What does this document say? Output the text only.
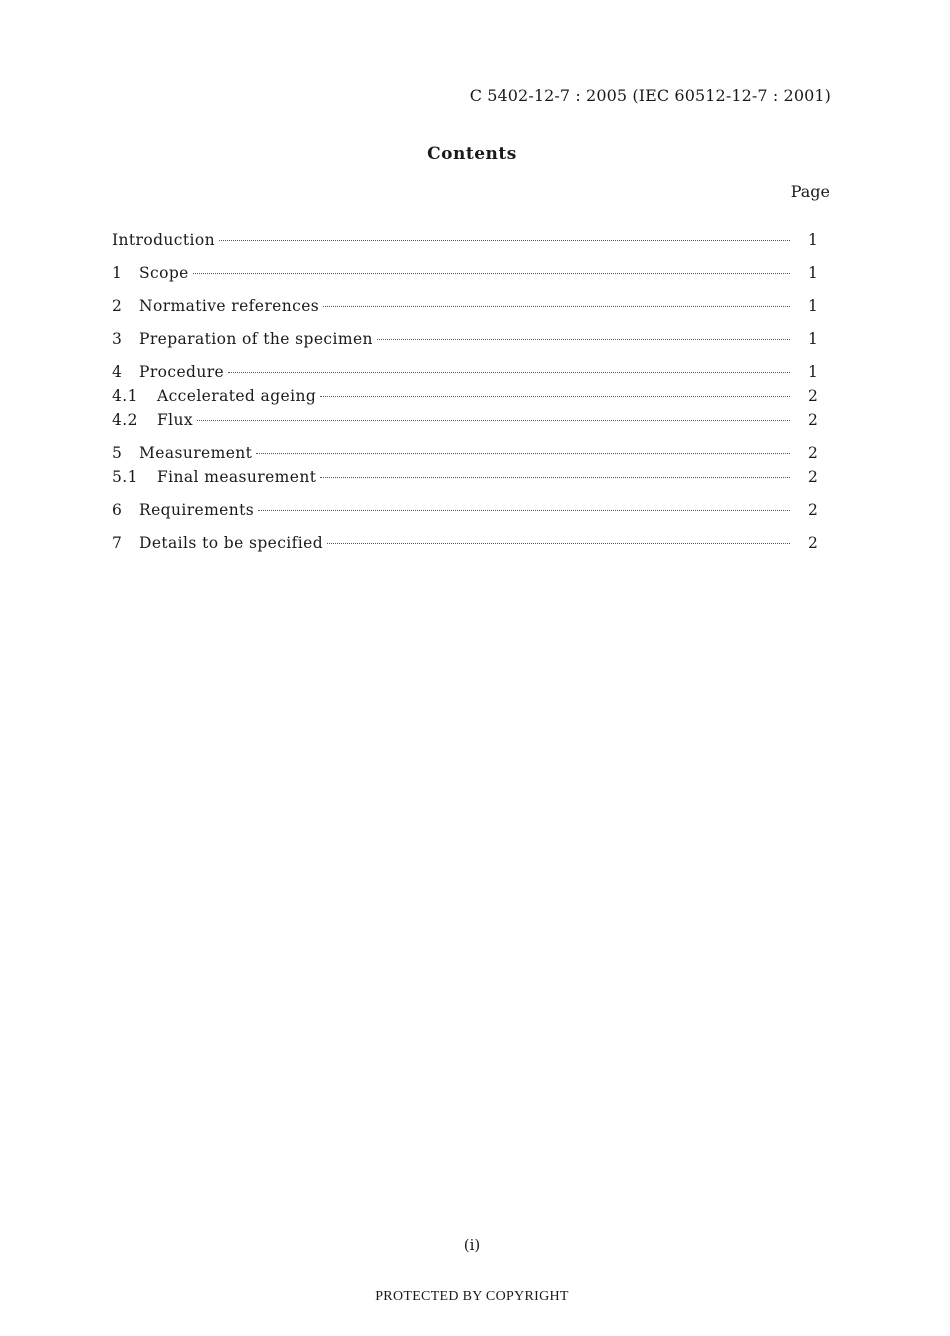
C 5402-12-7 : 2005 (IEC 60512-12-7 : 2001)
Contents
Page
Introduction	1
1	Scope	1
2	Normative references	1
3	Preparation of the specimen	1
4	Procedure	1
4.1	Accelerated ageing	2
4.2	Flux	2
5	Measurement	2
5.1	Final measurement	2
6	Requirements	2
7	Details to be specified	2
(i)
PROTECTED BY COPYRIGHT
